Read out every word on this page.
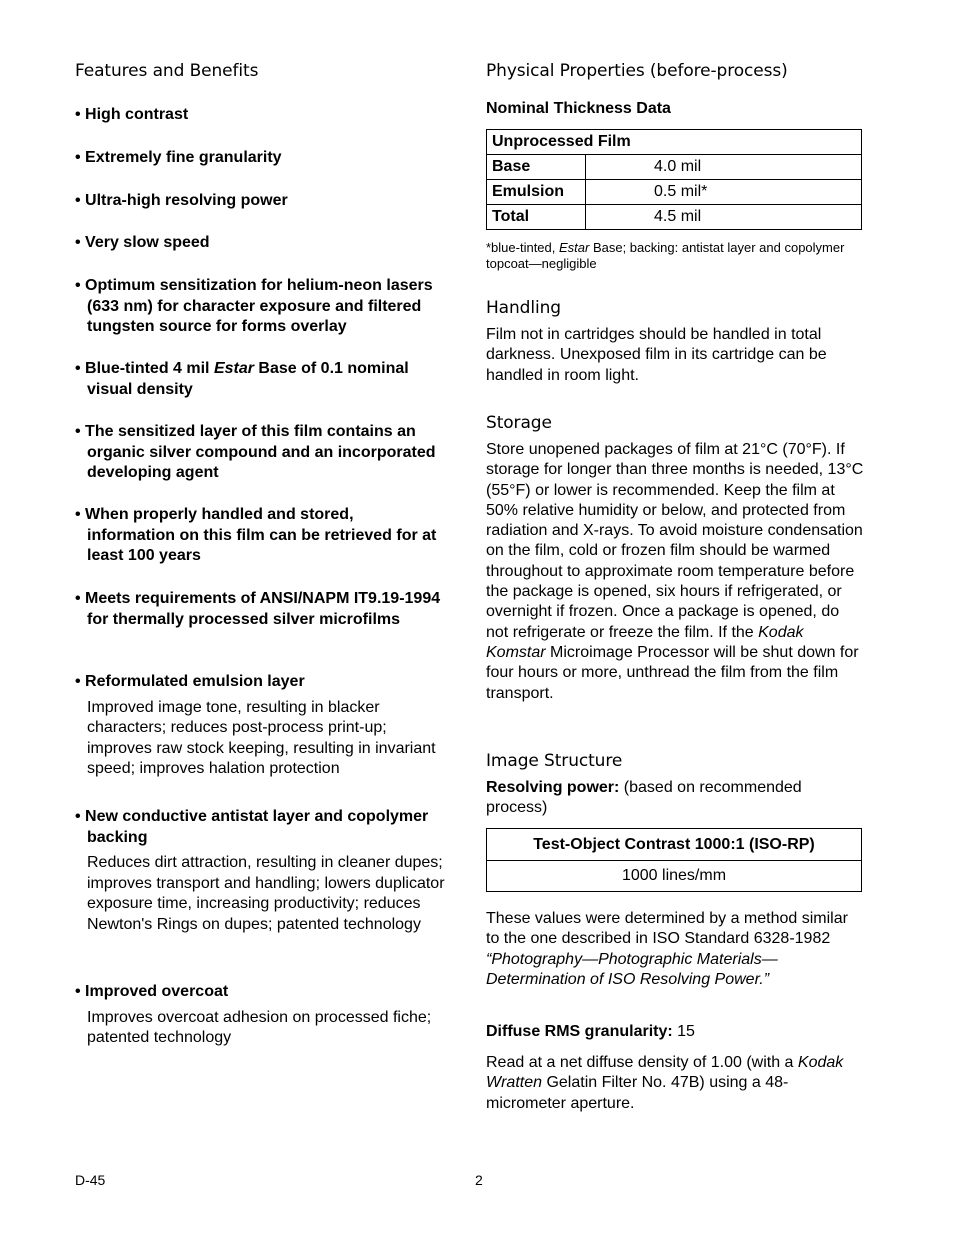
Features and Benefits
• High contrast
• Extremely fine granularity
• Ultra-high resolving power
• Very slow speed
• Optimum sensitization for helium-neon lasers (633 nm) for character exposure and filtered tungsten source for forms overlay
• Blue-tinted 4 mil Estar Base of 0.1 nominal visual density
• The sensitized layer of this film contains an organic silver compound and an incorporated developing agent
• When properly handled and stored, information on this film can be retrieved for at least 100 years
• Meets requirements of ANSI/NAPM IT9.19-1994 for thermally processed silver microfilms
• Reformulated emulsion layer
Improved image tone, resulting in blacker characters; reduces post-process print-up; improves raw stock keeping, resulting in invariant speed; improves halation protection
• New conductive antistat layer and copolymer backing
Reduces dirt attraction, resulting in cleaner dupes; improves transport and handling; lowers duplicator exposure time, increasing productivity; reduces Newton's Rings on dupes; patented technology
• Improved overcoat
Improves overcoat adhesion on processed fiche; patented technology
Physical Properties (before-process)
Nominal Thickness Data
Unprocessed Film	
Base	4.0 mil
Emulsion	0.5 mil*
Total	4.5 mil
*blue-tinted, Estar Base; backing: antistat layer and copolymer topcoat—negligible
Handling
Film not in cartridges should be handled in total darkness. Unexposed film in its cartridge can be handled in room light.
Storage
Store unopened packages of film at 21°C (70°F). If storage for longer than three months is needed, 13°C (55°F) or lower is recommended. Keep the film at 50% relative humidity or below, and protected from radiation and X-rays. To avoid moisture condensation on the film, cold or frozen film should be warmed throughout to approximate room temperature before the package is opened, six hours if refrigerated, or overnight if frozen. Once a package is opened, do not refrigerate or freeze the film. If the Kodak Komstar Microimage Processor will be shut down for four hours or more, unthread the film from the film transport.
Image Structure
Resolving power: (based on recommended process)
Test-Object Contrast 1000:1 (ISO-RP)
1000 lines/mm
These values were determined by a method similar to the one described in ISO Standard 6328-1982 “Photography—Photographic Materials—Determination of ISO Resolving Power.”
Diffuse RMS granularity: 15
Read at a net diffuse density of 1.00 (with a Kodak Wratten Gelatin Filter No. 47B) using a 48-micrometer aperture.
D-45	2
